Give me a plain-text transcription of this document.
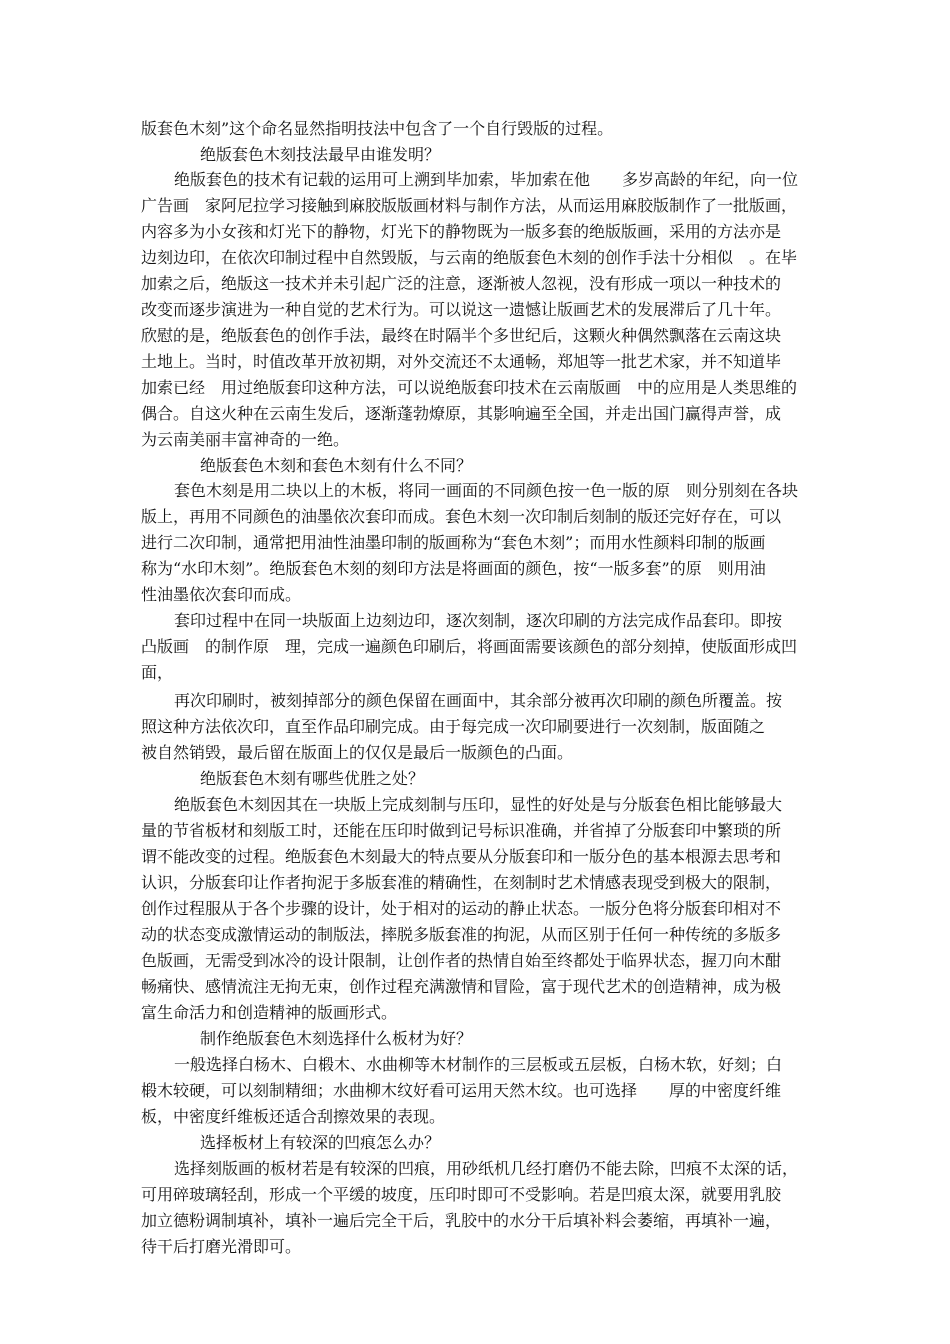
版套色木刻”这个命名显然指明技法中包含了一个自行毁版的过程。
绝版套色木刻技法最早由谁发明？
绝版套色的技术有记载的运用可上溯到毕加索，毕加索在他　　多岁高龄的年纪，向一位
广告画　家阿尼拉学习接触到麻胶版版画材料与制作方法，从而运用麻胶版制作了一批版画，
内容多为小女孩和灯光下的静物，灯光下的静物既为一版多套的绝版版画，采用的方法亦是
边刻边印，在依次印制过程中自然毁版，与云南的绝版套色木刻的创作手法十分相似　。在毕
加索之后，绝版这一技术并未引起广泛的注意，逐渐被人忽视，没有形成一项以一种技术的
改变而逐步演进为一种自觉的艺术行为。可以说这一遗憾让版画艺术的发展滞后了几十年。
欣慰的是，绝版套色的创作手法，最终在时隔半个多世纪后，这颗火种偶然飘落在云南这块
土地上。当时，时值改革开放初期，对外交流还不太通畅，郑旭等一批艺术家，并不知道毕
加索已经　用过绝版套印这种方法，可以说绝版套印技术在云南版画　中的应用是人类思维的
偶合。自这火种在云南生发后，逐渐蓬勃燎原，其影响遍至全国，并走出国门赢得声誉，成
为云南美丽丰富神奇的一绝。
绝版套色木刻和套色木刻有什么不同？
套色木刻是用二块以上的木板，将同一画面的不同颜色按一色一版的原　则分别刻在各块
版上，再用不同颜色的油墨依次套印而成。套色木刻一次印制后刻制的版还完好存在，可以
进行二次印制，通常把用油性油墨印制的版画称为“套色木刻”；而用水性颜料印制的版画
称为“水印木刻”。绝版套色木刻的刻印方法是将画面的颜色，按“一版多套”的原　则用油
性油墨依次套印而成。
套印过程中在同一块版面上边刻边印，逐次刻制，逐次印刷的方法完成作品套印。即按
凸版画　的制作原　理，完成一遍颜色印刷后，将画面需要该颜色的部分刻掉，使版面形成凹
面，
再次印刷时，被刻掉部分的颜色保留在画面中，其余部分被再次印刷的颜色所覆盖。按
照这种方法依次印，直至作品印刷完成。由于每完成一次印刷要进行一次刻制，版面随之
被自然销毁，最后留在版面上的仅仅是最后一版颜色的凸面。
绝版套色木刻有哪些优胜之处？
绝版套色木刻因其在一块版上完成刻制与压印，显性的好处是与分版套色相比能够最大
量的节省板材和刻版工时，还能在压印时做到记号标识准确，并省掉了分版套印中繁琐的所
谓不能改变的过程。绝版套色木刻最大的特点要从分版套印和一版分色的基本根源去思考和
认识，分版套印让作者拘泥于多版套准的精确性，在刻制时艺术情感表现受到极大的限制，
创作过程服从于各个步骤的设计，处于相对的运动的静止状态。一版分色将分版套印相对不
动的状态变成激情运动的制版法，摔脱多版套准的拘泥，从而区别于任何一种传统的多版多
色版画，无需受到冰冷的设计限制，让创作者的热情自始至终都处于临界状态，握刀向木酣
畅痛快、感情流注无拘无束，创作过程充满激情和冒险，富于现代艺术的创造精神，成为极
富生命活力和创造精神的版画形式。
制作绝版套色木刻选择什么板材为好？
一般选择白杨木、白椴木、水曲柳等木材制作的三层板或五层板，白杨木软，好刻；白
椴木较硬，可以刻制精细；水曲柳木纹好看可运用天然木纹。也可选择　　厚的中密度纤维
板，中密度纤维板还适合刮擦效果的表现。
选择板材上有较深的凹痕怎么办？
选择刻版画的板材若是有较深的凹痕，用砂纸机几经打磨仍不能去除，凹痕不太深的话，
可用碎玻璃轻刮，形成一个平缓的坡度，压印时即可不受影响。若是凹痕太深，就要用乳胶
加立德粉调制填补，填补一遍后完全干后，乳胶中的水分干后填补料会萎缩，再填补一遍，
待干后打磨光滑即可。
